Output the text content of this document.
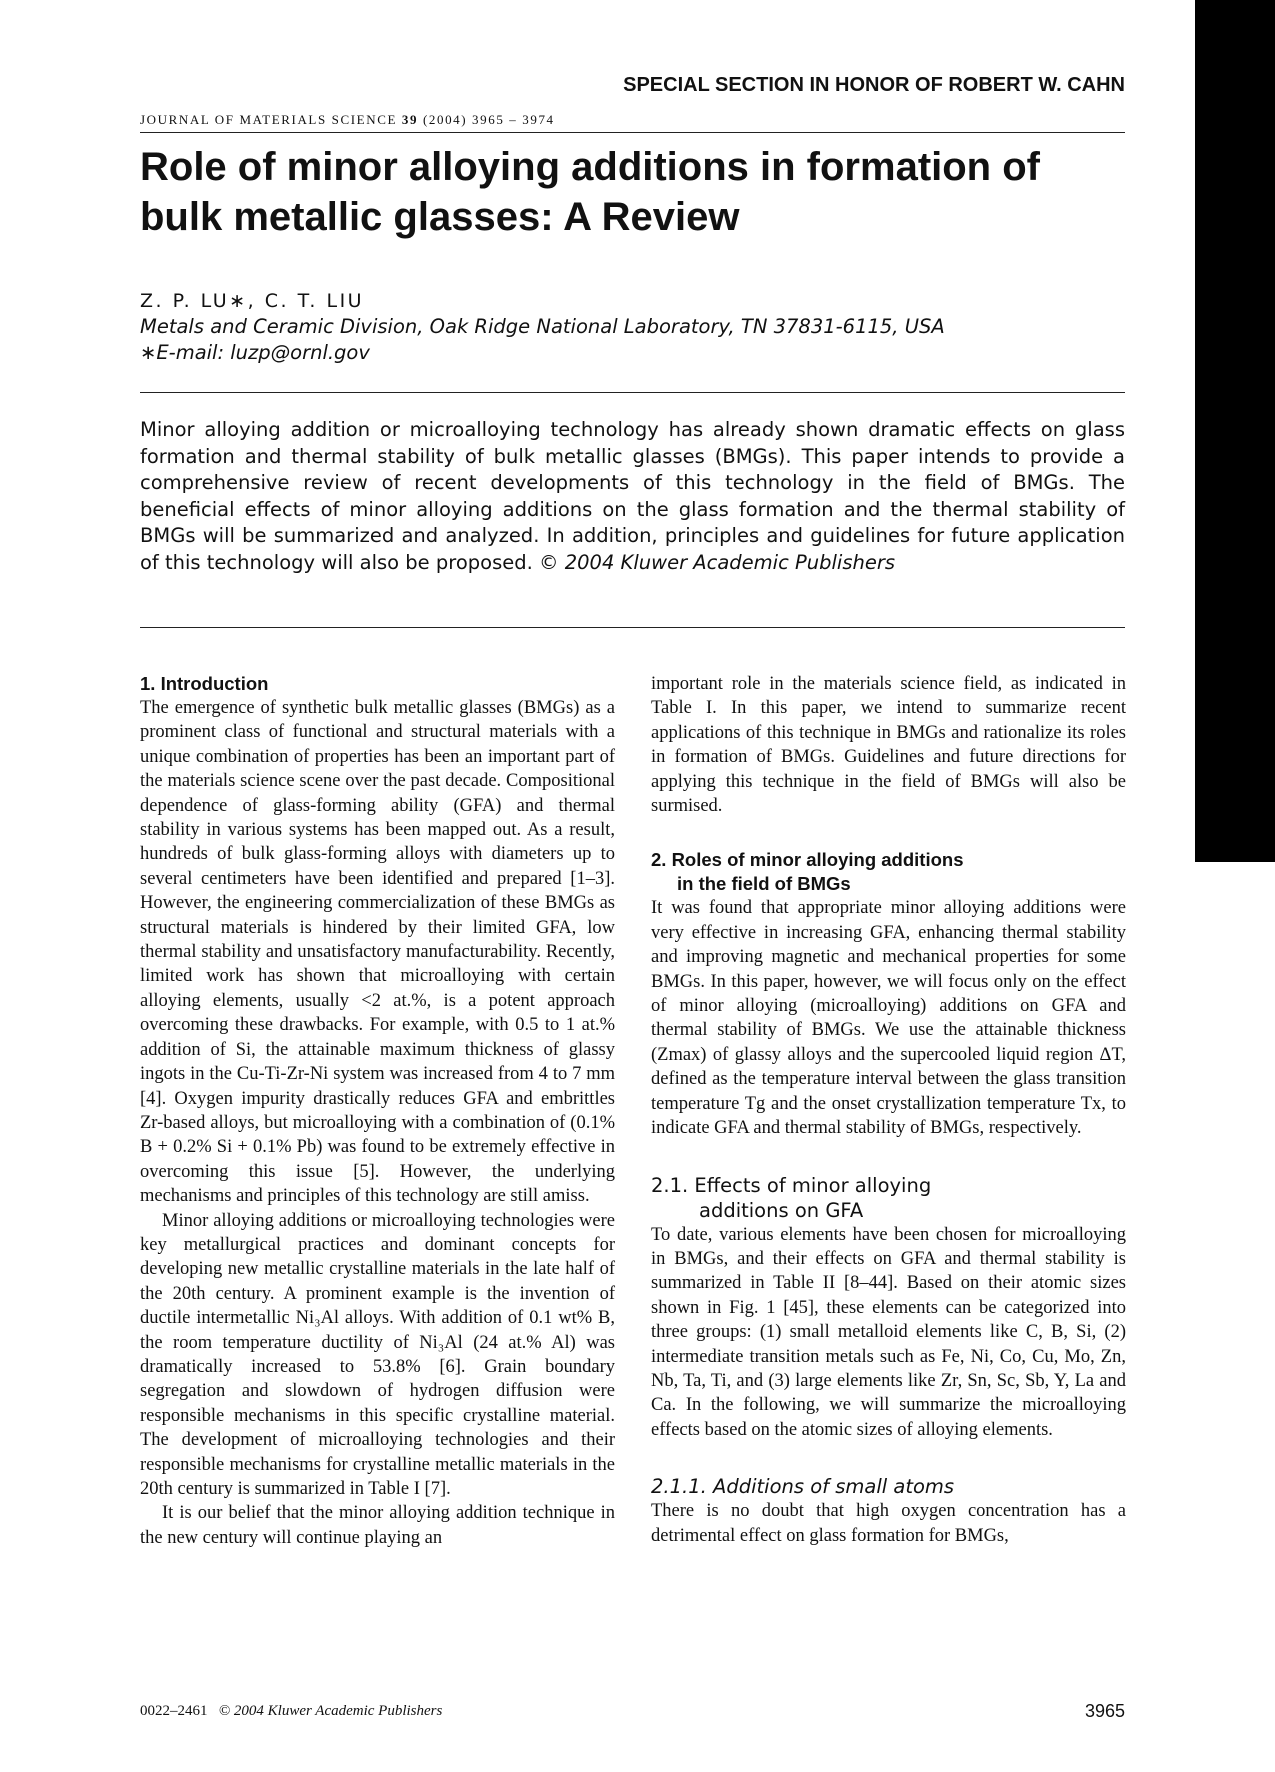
SPECIAL SECTION IN HONOR OF ROBERT W. CAHN
JOURNAL OF MATERIALS SCIENCE 39 (2004) 3965 – 3974
Role of minor alloying additions in formation of bulk metallic glasses: A Review
Z. P. LU∗, C. T. LIU
Metals and Ceramic Division, Oak Ridge National Laboratory, TN 37831-6115, USA
∗E-mail: luzp@ornl.gov
Minor alloying addition or microalloying technology has already shown dramatic effects on glass formation and thermal stability of bulk metallic glasses (BMGs). This paper intends to provide a comprehensive review of recent developments of this technology in the field of BMGs. The beneficial effects of minor alloying additions on the glass formation and the thermal stability of BMGs will be summarized and analyzed. In addition, principles and guidelines for future application of this technology will also be proposed. © 2004 Kluwer Academic Publishers
1. Introduction

The emergence of synthetic bulk metallic glasses (BMGs) as a prominent class of functional and structural materials with a unique combination of properties has been an important part of the materials science scene over the past decade. Compositional dependence of glass-forming ability (GFA) and thermal stability in various systems has been mapped out. As a result, hundreds of bulk glass-forming alloys with diameters up to several centimeters have been identified and prepared [1–3]. However, the engineering commercialization of these BMGs as structural materials is hindered by their limited GFA, low thermal stability and unsatisfactory manufacturability. Recently, limited work has shown that microalloying with certain alloying elements, usually <2 at.%, is a potent approach overcoming these drawbacks. For example, with 0.5 to 1 at.% addition of Si, the attainable maximum thickness of glassy ingots in the Cu-Ti-Zr-Ni system was increased from 4 to 7 mm [4]. Oxygen impurity drastically reduces GFA and embrittles Zr-based alloys, but microalloying with a combination of (0.1% B + 0.2% Si + 0.1% Pb) was found to be extremely effective in overcoming this issue [5]. However, the underlying mechanisms and principles of this technology are still amiss.

Minor alloying additions or microalloying technologies were key metallurgical practices and dominant concepts for developing new metallic crystalline materials in the late half of the 20th century. A prominent example is the invention of ductile intermetallic Ni₃Al alloys. With addition of 0.1 wt% B, the room temperature ductility of Ni₃Al (24 at.% Al) was dramatically increased to 53.8% [6]. Grain boundary segregation and slowdown of hydrogen diffusion were responsible mechanisms in this specific crystalline material. The development of microalloying technologies and their responsible mechanisms for crystalline metallic materials in the 20th century is summarized in Table I [7].

It is our belief that the minor alloying addition technique in the new century will continue playing an

important role in the materials science field, as indicated in Table I. In this paper, we intend to summarize recent applications of this technique in BMGs and rationalize its roles in formation of BMGs. Guidelines and future directions for applying this technique in the field of BMGs will also be surmised.

2. Roles of minor alloying additions
in the field of BMGs

It was found that appropriate minor alloying additions were very effective in increasing GFA, enhancing thermal stability and improving magnetic and mechanical properties for some BMGs. In this paper, however, we will focus only on the effect of minor alloying (microalloying) additions on GFA and thermal stability of BMGs. We use the attainable thickness (Zmax) of glassy alloys and the supercooled liquid region ΔT, defined as the temperature interval between the glass transition temperature Tg and the onset crystallization temperature Tx, to indicate GFA and thermal stability of BMGs, respectively.

2.1. Effects of minor alloying
additions on GFA

To date, various elements have been chosen for microalloying in BMGs, and their effects on GFA and thermal stability is summarized in Table II [8–44]. Based on their atomic sizes shown in Fig. 1 [45], these elements can be categorized into three groups: (1) small metalloid elements like C, B, Si, (2) intermediate transition metals such as Fe, Ni, Co, Cu, Mo, Zn, Nb, Ta, Ti, and (3) large elements like Zr, Sn, Sc, Sb, Y, La and Ca. In the following, we will summarize the microalloying effects based on the atomic sizes of alloying elements.

2.1.1. Additions of small atoms

There is no doubt that high oxygen concentration has a detrimental effect on glass formation for BMGs,

0022–2461 © 2004 Kluwer Academic Publishers	3965
